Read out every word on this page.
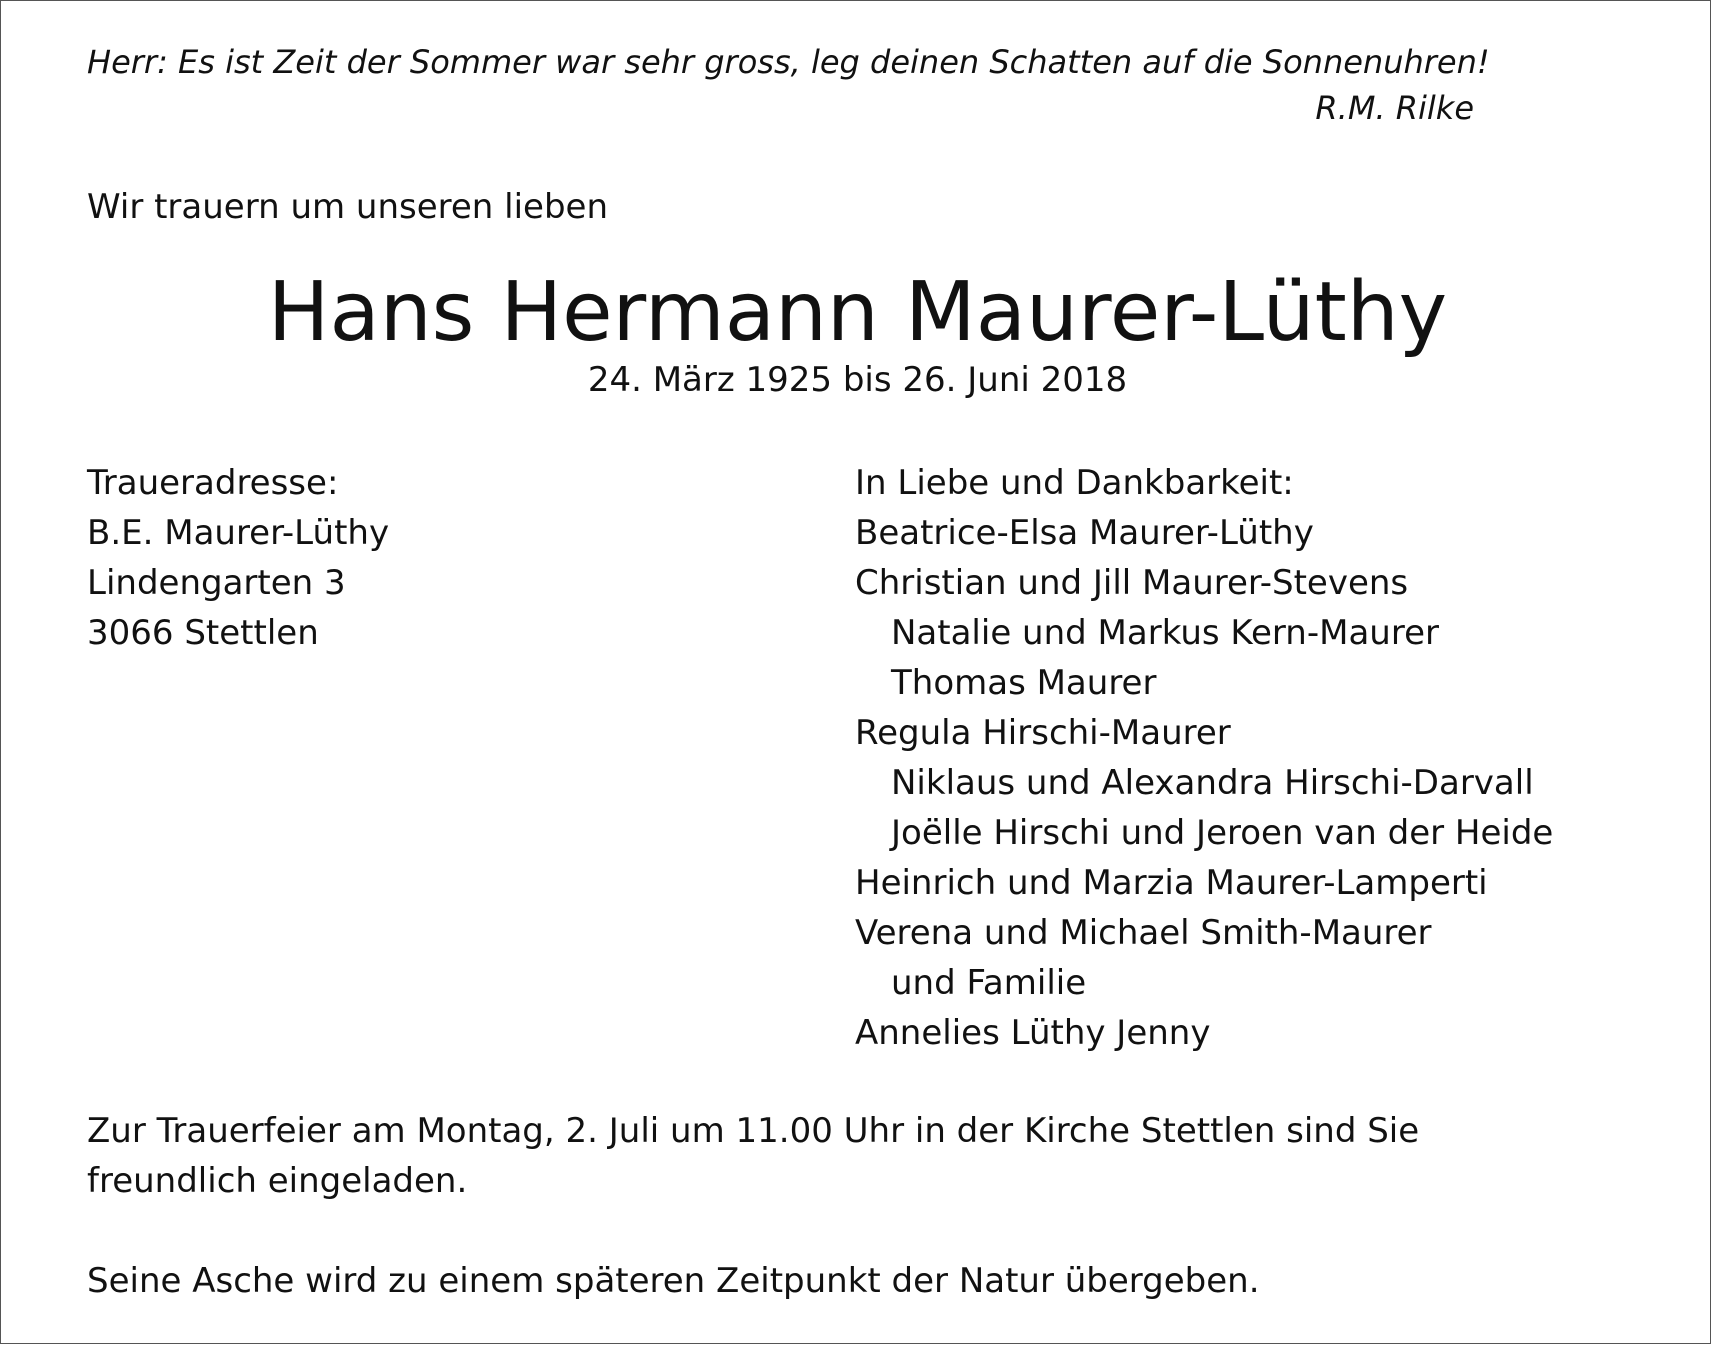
Herr: Es ist Zeit der Sommer war sehr gross, leg deinen Schatten auf die Sonnenuhren!
R.M. Rilke
Wir trauern um unseren lieben
Hans Hermann Maurer-Lüthy
24. März 1925 bis 26. Juni 2018
Traueradresse:
B.E. Maurer-Lüthy
Lindengarten 3
3066 Stettlen
In Liebe und Dankbarkeit:
Beatrice-Elsa Maurer-Lüthy
Christian und Jill Maurer-Stevens
Natalie und Markus Kern-Maurer
Thomas Maurer
Regula Hirschi-Maurer
Niklaus und Alexandra Hirschi-Darvall
Joëlle Hirschi und Jeroen van der Heide
Heinrich und Marzia Maurer-Lamperti
Verena und Michael Smith-Maurer
und Familie
Annelies Lüthy Jenny
Zur Trauerfeier am Montag, 2. Juli um 11.00 Uhr in der Kirche Stettlen sind Sie
freundlich eingeladen.
Seine Asche wird zu einem späteren Zeitpunkt der Natur übergeben.
